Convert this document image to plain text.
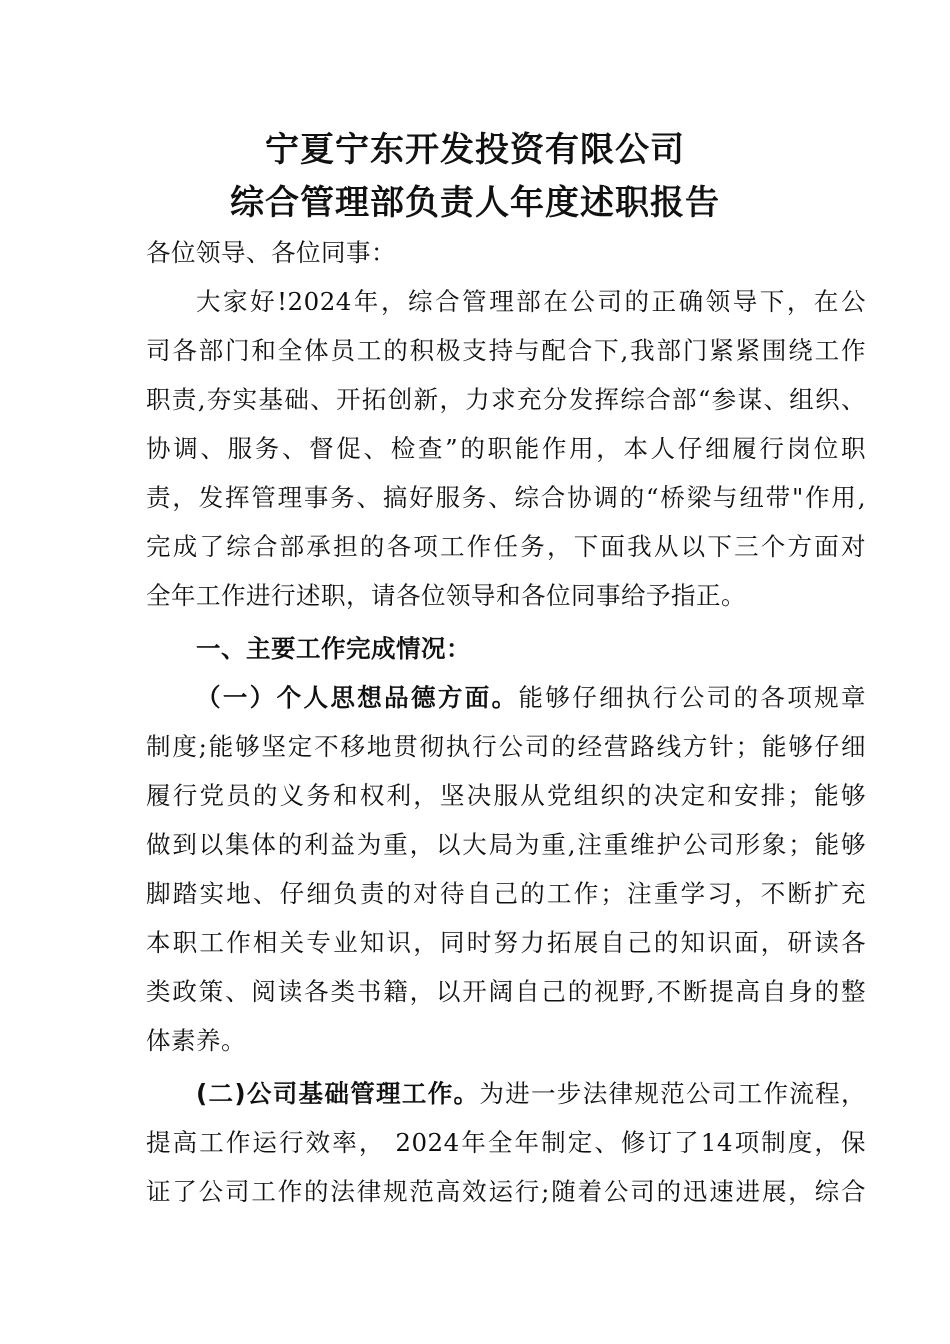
宁夏宁东开发投资有限公司
综合管理部负责人年度述职报告
各位领导、各位同事：
大家好!2024年，综合管理部在公司的正确领导下，在公
司各部门和全体员工的积极支持与配合下,我部门紧紧围绕工作
职责,夯实基础、开拓创新，力求充分发挥综合部“参谋、组织、
协调、服务、督促、检查”的职能作用，本人仔细履行岗位职
责，发挥管理事务、搞好服务、综合协调的“桥梁与纽带"作用,
完成了综合部承担的各项工作任务，下面我从以下三个方面对
全年工作进行述职，请各位领导和各位同事给予指正。
一、主要工作完成情况：
（一）个人思想品德方面。能够仔细执行公司的各项规章
制度;能够坚定不移地贯彻执行公司的经营路线方针；能够仔细
履行党员的义务和权利，坚决服从党组织的决定和安排；能够
做到以集体的利益为重，以大局为重,注重维护公司形象；能够
脚踏实地、仔细负责的对待自己的工作；注重学习，不断扩充
本职工作相关专业知识，同时努力拓展自己的知识面，研读各
类政策、阅读各类书籍，以开阔自己的视野,不断提高自身的整
体素养。
(二)公司基础管理工作。为进一步法律规范公司工作流程，
提高工作运行效率， 2024年全年制定、修订了14项制度，保
证了公司工作的法律规范高效运行;随着公司的迅速进展，综合
